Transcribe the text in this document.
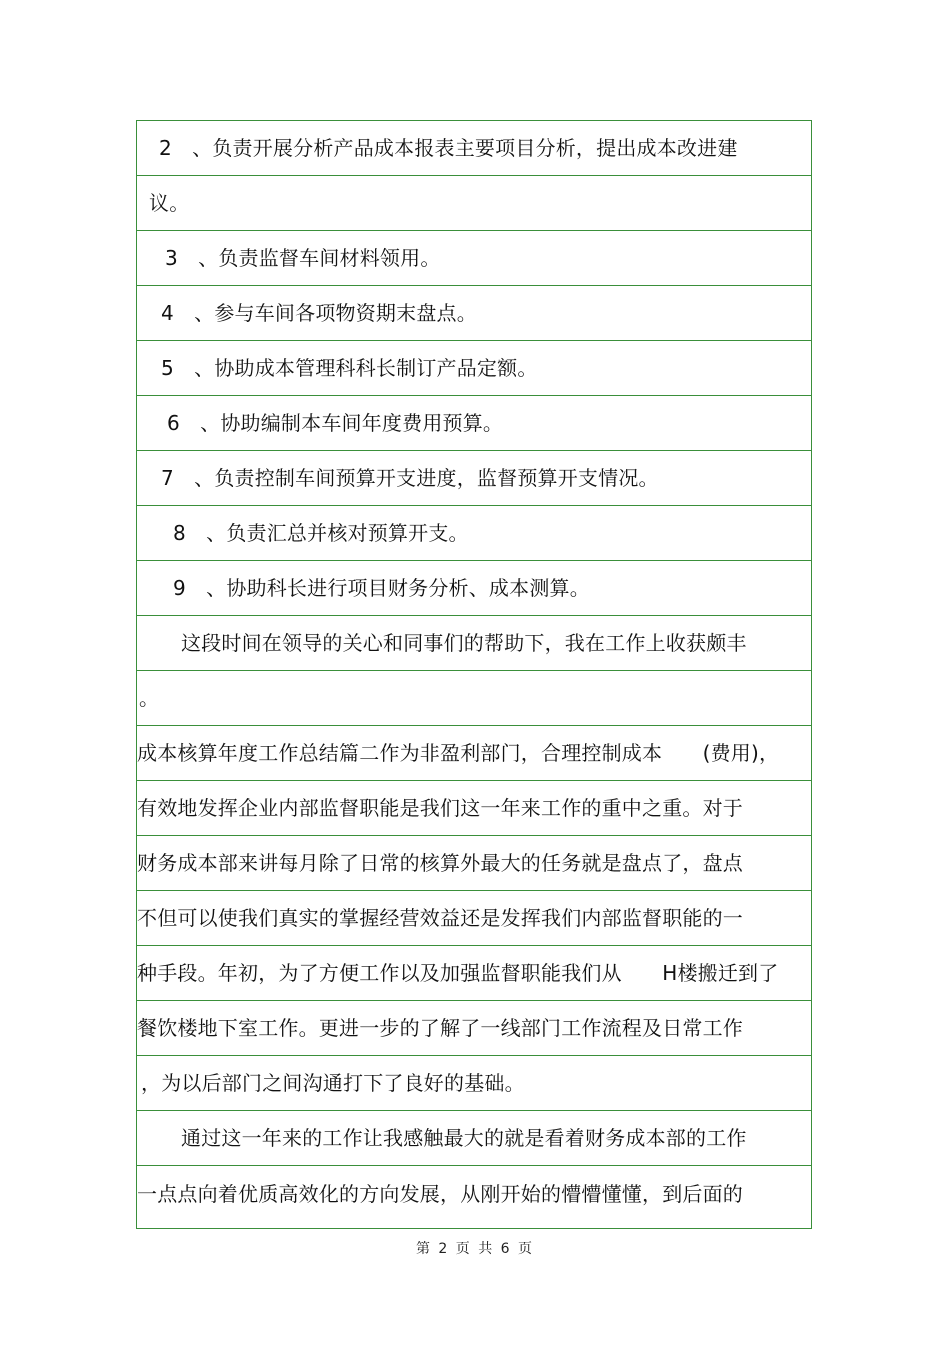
2　、负责开展分析产品成本报表主要项目分析，提出成本改进建
议。
3　、负责监督车间材料领用。
4　、参与车间各项物资期末盘点。
5　、协助成本管理科科长制订产品定额。
6　、协助编制本车间年度费用预算。
7　、负责控制车间预算开支进度，监督预算开支情况。
8　、负责汇总并核对预算开支。
9　、协助科长进行项目财务分析、成本测算。
这段时间在领导的关心和同事们的帮助下，我在工作上收获颇丰
。
成本核算年度工作总结篇二作为非盈利部门，合理控制成本　　(费用)，
有效地发挥企业内部监督职能是我们这一年来工作的重中之重。对于
财务成本部来讲每月除了日常的核算外最大的任务就是盘点了，盘点
不但可以使我们真实的掌握经营效益还是发挥我们内部监督职能的一
种手段。年初，为了方便工作以及加强监督职能我们从　　H楼搬迁到了
餐饮楼地下室工作。更进一步的了解了一线部门工作流程及日常工作
，为以后部门之间沟通打下了良好的基础。
通过这一年来的工作让我感触最大的就是看着财务成本部的工作
一点点向着优质高效化的方向发展，从刚开始的懵懵懂懂，到后面的
第 2 页 共 6 页
